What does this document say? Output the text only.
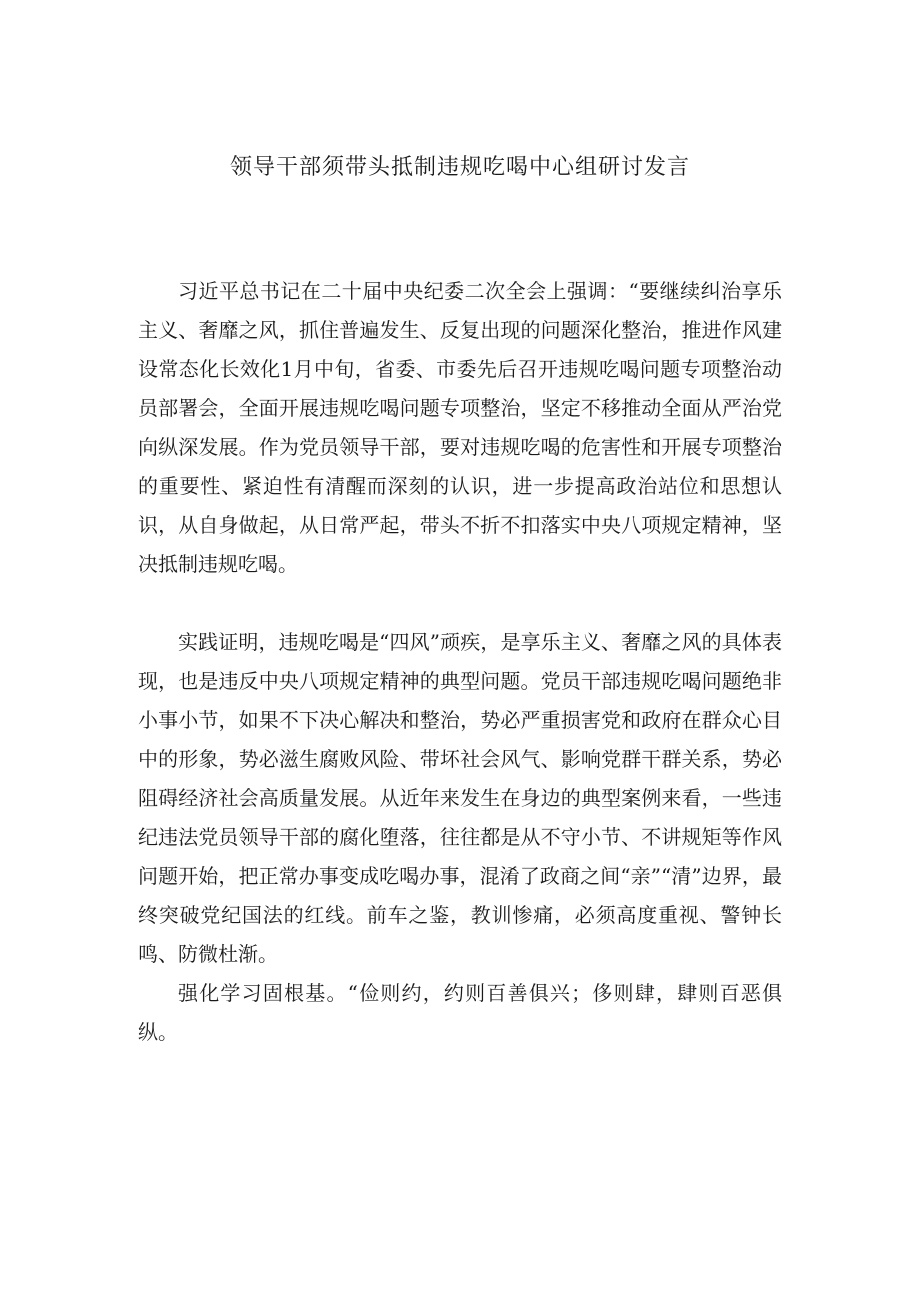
领导干部须带头抵制违规吃喝中心组研讨发言

习近平总书记在二十届中央纪委二次全会上强调：“要继续纠治享乐主义、奢靡之风，抓住普遍发生、反复出现的问题深化整治，推进作风建设常态化长效化1月中旬，省委、市委先后召开违规吃喝问题专项整治动员部署会，全面开展违规吃喝问题专项整治，坚定不移推动全面从严治党向纵深发展。作为党员领导干部，要对违规吃喝的危害性和开展专项整治的重要性、紧迫性有清醒而深刻的认识，进一步提高政治站位和思想认识，从自身做起，从日常严起，带头不折不扣落实中央八项规定精神，坚决抵制违规吃喝。

实践证明，违规吃喝是“四风”顽疾，是享乐主义、奢靡之风的具体表现，也是违反中央八项规定精神的典型问题。党员干部违规吃喝问题绝非小事小节，如果不下决心解决和整治，势必严重损害党和政府在群众心目中的形象，势必滋生腐败风险、带坏社会风气、影响党群干群关系，势必阻碍经济社会高质量发展。从近年来发生在身边的典型案例来看，一些违纪违法党员领导干部的腐化堕落，往往都是从不守小节、不讲规矩等作风问题开始，把正常办事变成吃喝办事，混淆了政商之间“亲”“清”边界，最终突破党纪国法的红线。前车之鉴，教训惨痛，必须高度重视、警钟长鸣、防微杜渐。

强化学习固根基。“俭则约，约则百善俱兴；侈则肆，肆则百恶俱纵。
